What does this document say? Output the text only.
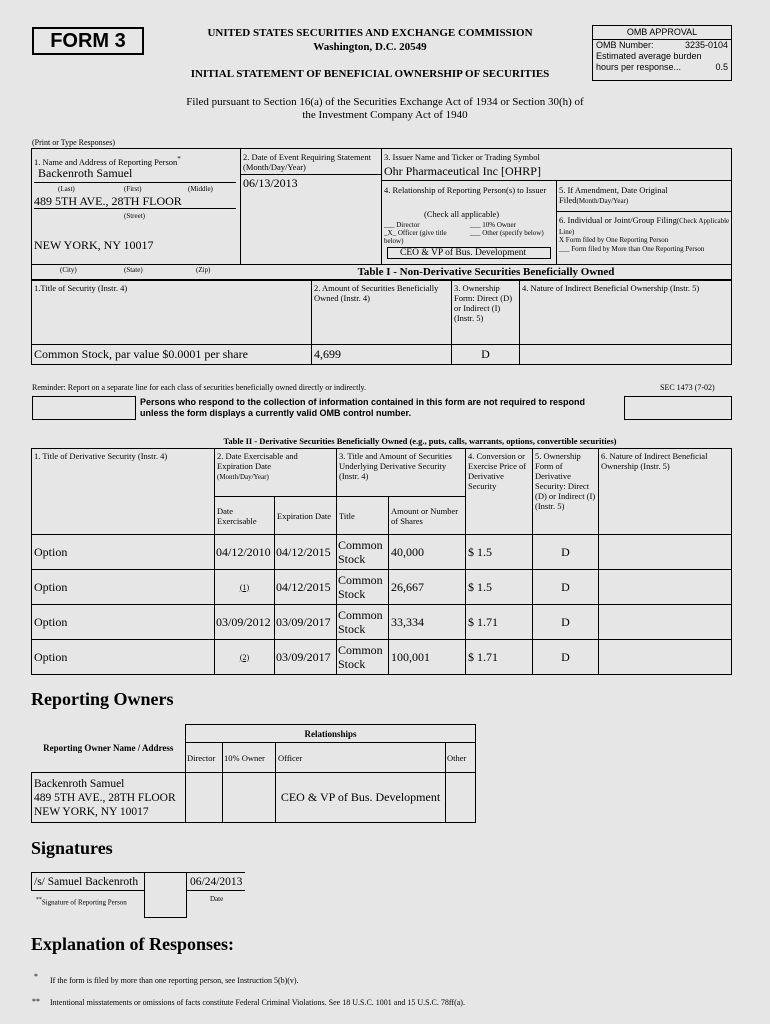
FORM 3	UNITED STATES SECURITIES AND EXCHANGE COMMISSION
Washington, D.C. 20549
INITIAL STATEMENT OF BENEFICIAL OWNERSHIP OF SECURITIES
OMB APPROVAL
OMB Number:	3235-0104
Estimated average burden
hours per response...	0.5
Filed pursuant to Section 16(a) of the Securities Exchange Act of 1934 or Section 30(h) of
the Investment Company Act of 1940
(Print or Type Responses)
1. Name and Address of Reporting Person*
Backenroth Samuel
(Last)	(First)	(Middle)
489 5TH AVE., 28TH FLOOR
(Street)
NEW YORK, NY 10017
(City)	(State)	(Zip)
2. Date of Event Requiring Statement (Month/Day/Year)
06/13/2013
3. Issuer Name and Ticker or Trading Symbol
Ohr Pharmaceutical Inc [OHRP]
4. Relationship of Reporting Person(s) to Issuer
(Check all applicable)
___ Director	___ 10% Owner
_X_ Officer (give title below)
___ Other (specify below)
CEO & VP of Bus. Development
5. If Amendment, Date Original Filed(Month/Day/Year)
6. Individual or Joint/Group Filing(Check Applicable Line)
X Form filed by One Reporting Person
___ Form filed by More than One Reporting Person
Table I - Non-Derivative Securities Beneficially Owned
1.Title of Security (Instr. 4)	2. Amount of Securities Beneficially Owned (Instr. 4)	3. Ownership Form: Direct (D) or Indirect (I) (Instr. 5)	4. Nature of Indirect Beneficial Ownership (Instr. 5)
Common Stock, par value $0.0001 per share	4,699	D	
Reminder: Report on a separate line for each class of securities beneficially owned directly or indirectly.	SEC 1473 (7-02)
Persons who respond to the collection of information contained in this form are not required to respond
unless the form displays a currently valid OMB control number.
Table II - Derivative Securities Beneficially Owned (e.g., puts, calls, warrants, options, convertible securities)
1. Title of Derivative Security (Instr. 4)	2. Date Exercisable and Expiration Date
(Month/Day/Year)		3. Title and Amount of Securities Underlying Derivative Security (Instr. 4)		4. Conversion or Exercise Price of Derivative Security	5. Ownership Form of Derivative Security: Direct (D) or Indirect (I) (Instr. 5)	6. Nature of Indirect Beneficial Ownership (Instr. 5)
	Date Exercisable	Expiration Date	Title	Amount or Number of Shares			
Option	04/12/2010	04/12/2015	Common Stock	40,000	$ 1.5	D	
Option	(1)	04/12/2015	Common Stock	26,667	$ 1.5	D	
Option	03/09/2012	03/09/2017	Common Stock	33,334	$ 1.71	D	
Option	(2)	03/09/2017	Common Stock	100,001	$ 1.71	D	
Reporting Owners
Reporting Owner Name / Address	Relationships			
	Director	10% Owner	Officer	Other

Backenroth Samuel
489 5TH AVE., 28TH FLOOR
NEW YORK, NY 10017			CEO & VP of Bus. Development	
Signatures
/s/ Samuel Backenroth	06/24/2013
**Signature of Reporting Person	Date
Explanation of Responses:
* If the form is filed by more than one reporting person, see Instruction 5(b)(v).
** Intentional misstatements or omissions of facts constitute Federal Criminal Violations. See 18 U.S.C. 1001 and 15 U.S.C. 78ff(a).
